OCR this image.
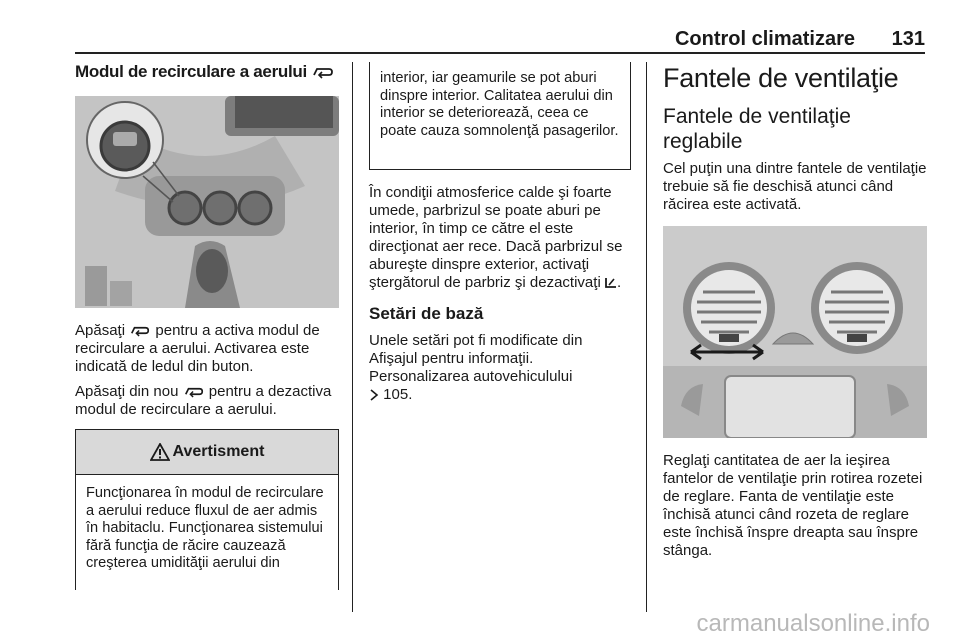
Control climatizare 131
Modul de recirculare a aerului

Apăsaţi pentru a activa modul de recirculare a aerului. Activarea este indicată de ledul din buton.

Apăsaţi din nou pentru a dezactiva modul de recirculare a aerului.

Avertisment
Funcţionarea în modul de recirculare a aerului reduce fluxul de aer admis în habitaclu. Funcţionarea sistemului fără funcţia de răcire cauzează creşterea umidităţii aerului din
interior, iar geamurile se pot aburi dinspre interior. Calitatea aerului din interior se deteriorează, ceea ce poate cauza somnolenţă pasagerilor.

În condiţii atmosferice calde şi foarte umede, parbrizul se poate aburi pe interior, în timp ce către el este direcţionat aer rece. Dacă parbrizul se abureşte dinspre exterior, activaţi ştergătorul de parbriz şi dezactivaţi .

Setări de bază

Unele setări pot fi modificate din Afişajul pentru informaţii.

Personalizarea autovehiculului

105.

Fantele de ventilaţie
Fantele de ventilaţie reglabile

Cel puţin una dintre fantele de ventilaţie trebuie să fie deschisă atunci când răcirea este activată.

Reglaţi cantitatea de aer la ieşirea fantelor de ventilaţie prin rotirea rozetei de reglare. Fanta de ventilaţie este închisă atunci când rozeta de reglare este închisă înspre dreapta sau înspre stânga.

carmanualsonline.info
